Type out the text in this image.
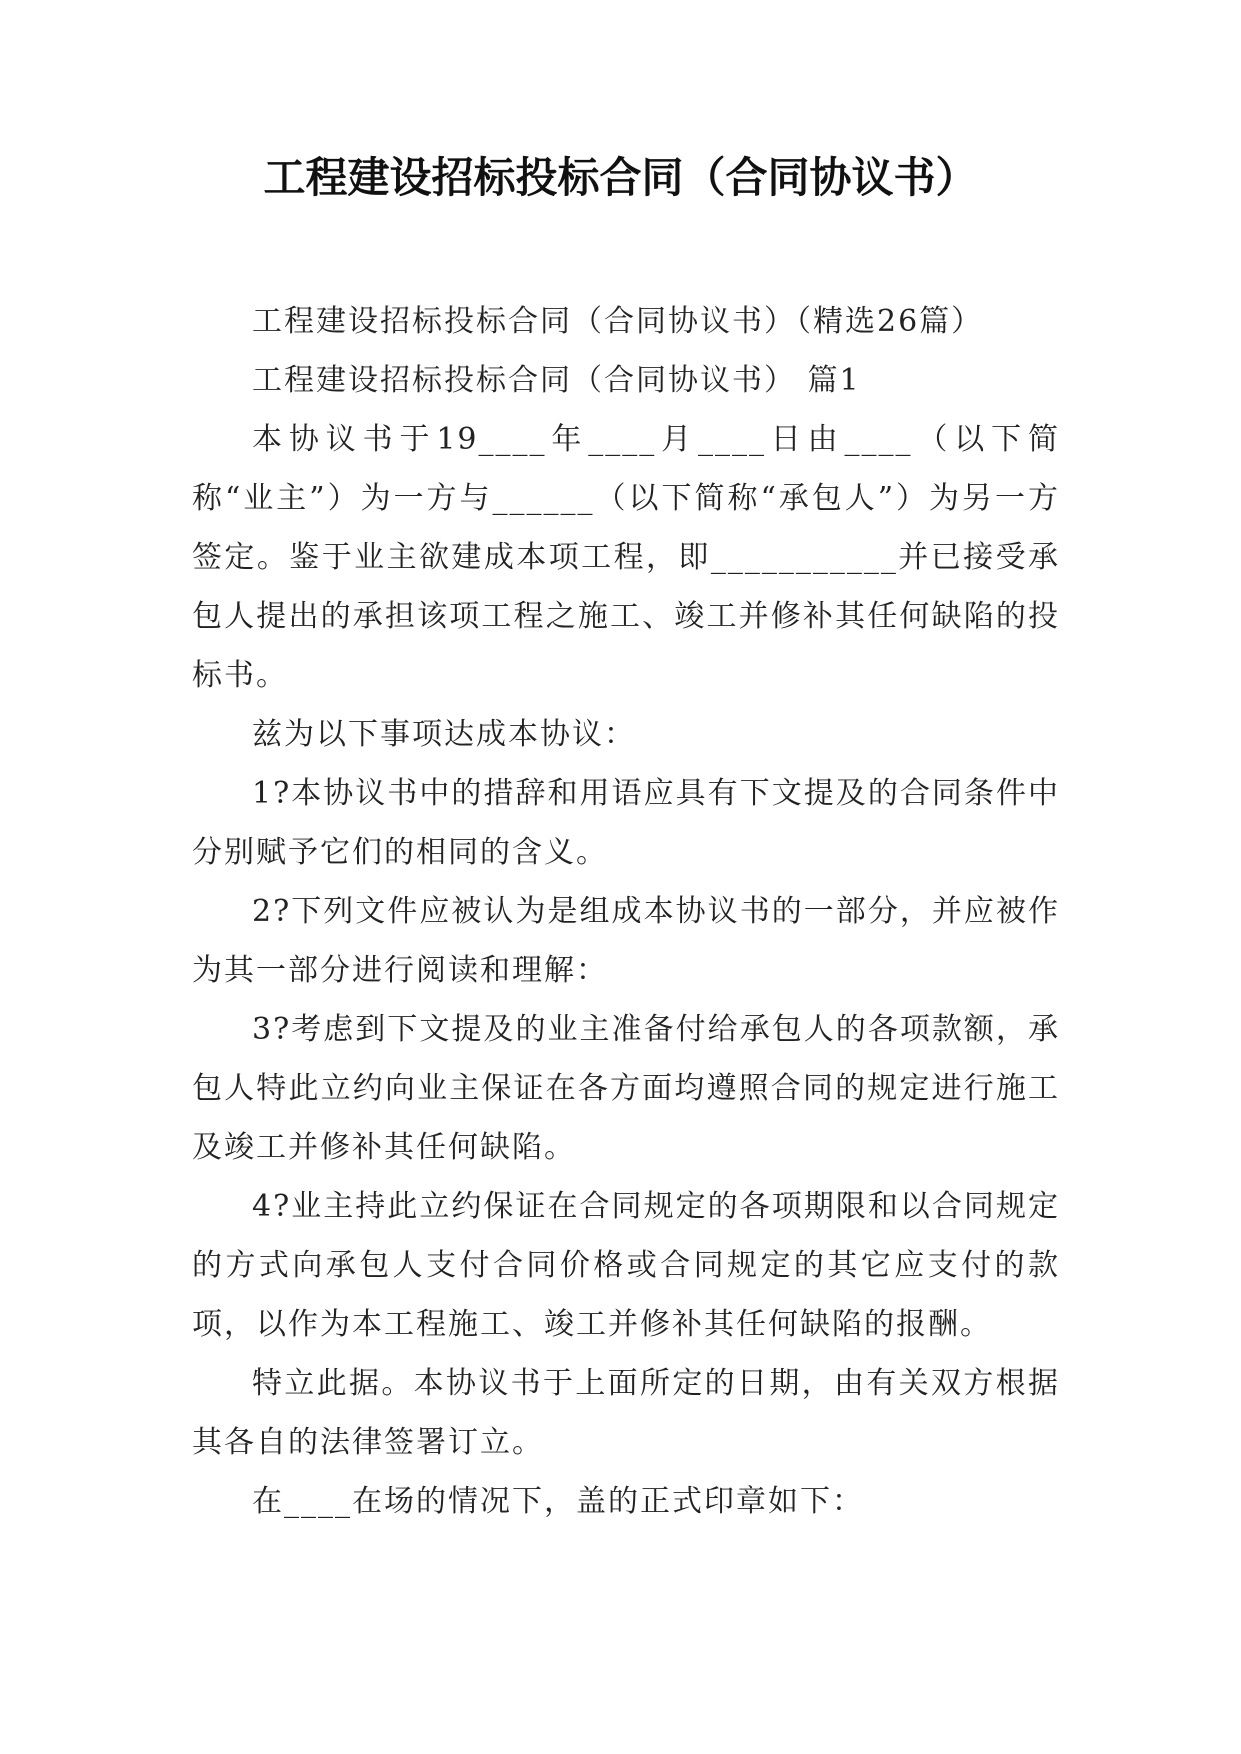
工程建设招标投标合同（合同协议书）

工程建设招标投标合同（合同协议书）（精选26篇）

工程建设招标投标合同（合同协议书） 篇1

本协议书于19____年____月____日由____（以下简称“业主”）为一方与______（以下简称“承包人”）为另一方签定。鉴于业主欲建成本项工程，即___________并已接受承包人提出的承担该项工程之施工、竣工并修补其任何缺陷的投标书。

兹为以下事项达成本协议：

1?本协议书中的措辞和用语应具有下文提及的合同条件中分别赋予它们的相同的含义。

2?下列文件应被认为是组成本协议书的一部分，并应被作为其一部分进行阅读和理解：

3?考虑到下文提及的业主准备付给承包人的各项款额，承包人特此立约向业主保证在各方面均遵照合同的规定进行施工及竣工并修补其任何缺陷。

4?业主持此立约保证在合同规定的各项期限和以合同规定的方式向承包人支付合同价格或合同规定的其它应支付的款项，以作为本工程施工、竣工并修补其任何缺陷的报酬。

特立此据。本协议书于上面所定的日期，由有关双方根据其各自的法律签署订立。

在____在场的情况下，盖的正式印章如下：
